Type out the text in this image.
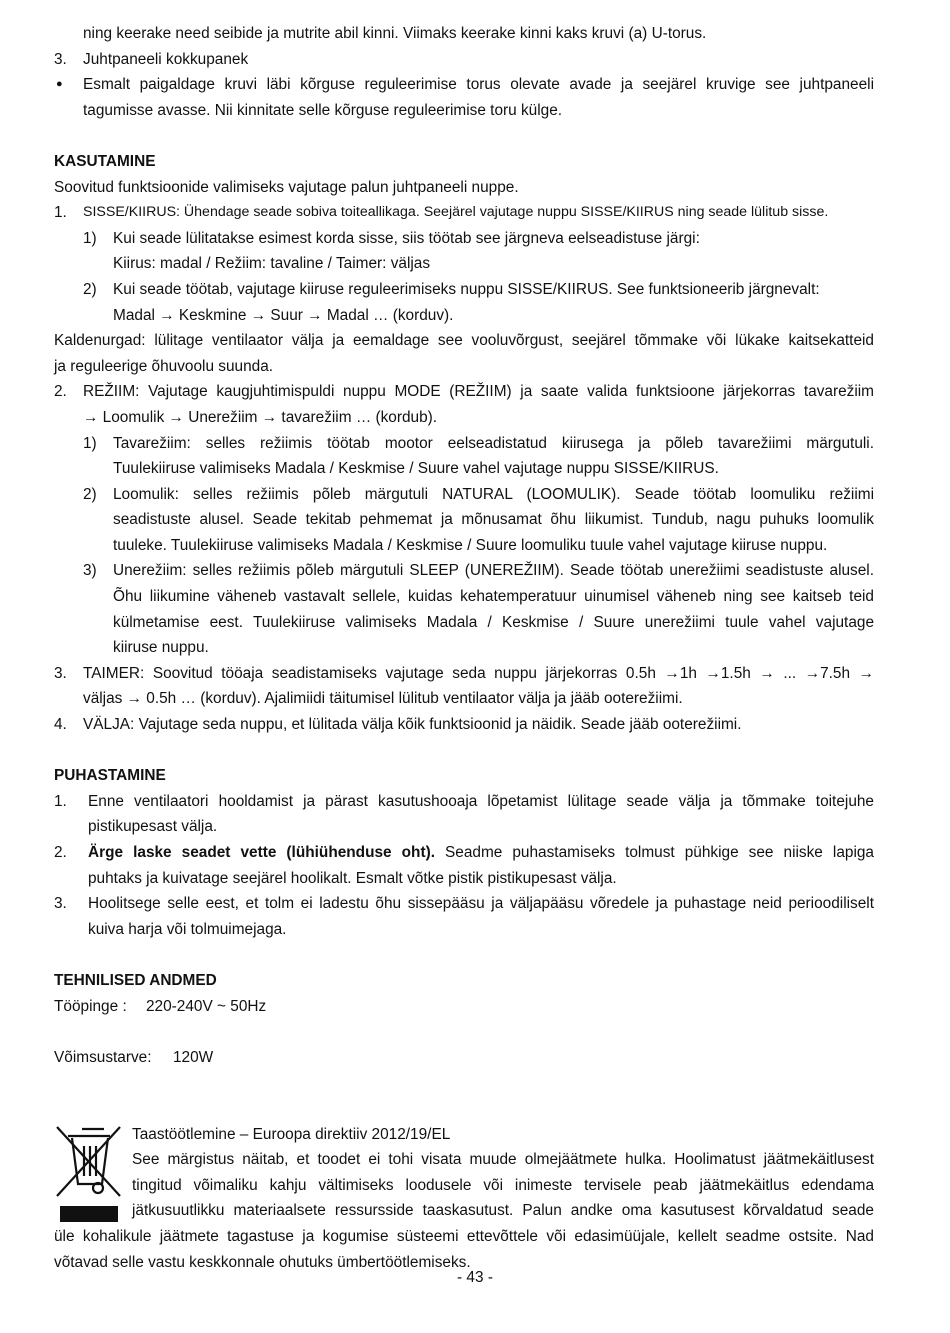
ning keerake need seibide ja mutrite abil kinni. Viimaks keerake kinni kaks kruvi (a) U-torus.
3.	Juhtpaneeli kokkupanek
●	Esmalt paigaldage kruvi läbi kõrguse reguleerimise torus olevate avade ja seejärel kruvige see juhtpaneeli
tagumisse avasse. Nii kinnitate selle kõrguse reguleerimise toru külge.
KASUTAMINE
Soovitud funktsioonide valimiseks vajutage palun juhtpaneeli nuppe.
1.	SISSE/KIIRUS: Ühendage seade sobiva toiteallikaga. Seejärel vajutage nuppu SISSE/KIIRUS ning seade lülitub sisse.
1)	Kui seade lülitatakse esimest korda sisse, siis töötab see järgneva eelseadistuse järgi:
Kiirus: madal / Režiim: tavaline / Taimer: väljas
2)	Kui seade töötab, vajutage kiiruse reguleerimiseks nuppu SISSE/KIIRUS. See funktsioneerib järgnevalt:
Madal → Keskmine → Suur → Madal … (korduv).
Kaldenurgad: lülitage ventilaator välja ja eemaldage see vooluvõrgust, seejärel tõmmake või lükake kaitsekatteid
ja reguleerige õhuvoolu suunda.
2.	REŽIIM: Vajutage kaugjuhtimispuldi nuppu MODE (REŽIIM) ja saate valida funktsioone järjekorras tavarežiim
→ Loomulik → Unerežiim → tavarežiim … (kordub).
1)	Tavarežiim: selles režiimis töötab mootor eelseadistatud kiirusega ja põleb tavarežiimi märgutuli.
Tuulekiiruse valimiseks Madala / Keskmise / Suure vahel vajutage nuppu SISSE/KIIRUS.
2)	Loomulik: selles režiimis põleb märgutuli NATURAL (LOOMULIK). Seade töötab loomuliku režiimi
seadistuste alusel. Seade tekitab pehmemat ja mõnusamat õhu liikumist. Tundub, nagu puhuks loomulik
tuuleke. Tuulekiiruse valimiseks Madala / Keskmise / Suure loomuliku tuule vahel vajutage kiiruse nuppu.
3)	Unerežiim: selles režiimis põleb märgutuli SLEEP (UNEREŽIIM). Seade töötab unerežiimi seadistuste alusel.
Õhu liikumine väheneb vastavalt sellele, kuidas kehatemperatuur uinumisel väheneb ning see kaitseb teid
külmetamise eest. Tuulekiiruse valimiseks Madala / Keskmise / Suure unerežiimi tuule vahel vajutage
kiiruse nuppu.
3.	TAIMER: Soovitud tööaja seadistamiseks vajutage seda nuppu järjekorras 0.5h →1h →1.5h → ... →7.5h →
väljas → 0.5h … (korduv). Ajalimiidi täitumisel lülitub ventilaator välja ja jääb ooterežiimi.
4.	VÄLJA: Vajutage seda nuppu, et lülitada välja kõik funktsioonid ja näidik. Seade jääb ooterežiimi.
PUHASTAMINE
1.	Enne ventilaatori hooldamist ja pärast kasutushooaja lõpetamist lülitage seade välja ja tõmmake toitejuhe
pistikupesast välja.
2.	Ärge laske seadet vette (lühiühenduse oht). Seadme puhastamiseks tolmust pühkige see niiske lapiga
puhtaks ja kuivatage seejärel hoolikalt. Esmalt võtke pistik pistikupesast välja.
3.	Hoolitsege selle eest, et tolm ei ladestu õhu sissepääsu ja väljapääsu võredele ja puhastage neid perioodiliselt
kuiva harja või tolmuimejaga.
TEHNILISED ANDMED
Tööpinge : 220-240V ~ 50Hz

Võimsustarve: 120W

Taastöötlemine – Euroopa direktiiv 2012/19/EL
See märgistus näitab, et toodet ei tohi visata muude olmejäätmete hulka. Hoolimatust jäätmekäitlusest
tingitud võimaliku kahju vältimiseks loodusele või inimeste tervisele peab jäätmekäitlus edendama
jätkusuutlikku materiaalsete ressursside taaskasutust. Palun andke oma kasutusest kõrvaldatud seade
üle kohalikule jäätmete tagastuse ja kogumise süsteemi ettevõttele või edasimüüjale, kellelt seadme ostsite. Nad
võtavad selle vastu keskkonnale ohutuks ümbertöötlemiseks.
- 43 -
